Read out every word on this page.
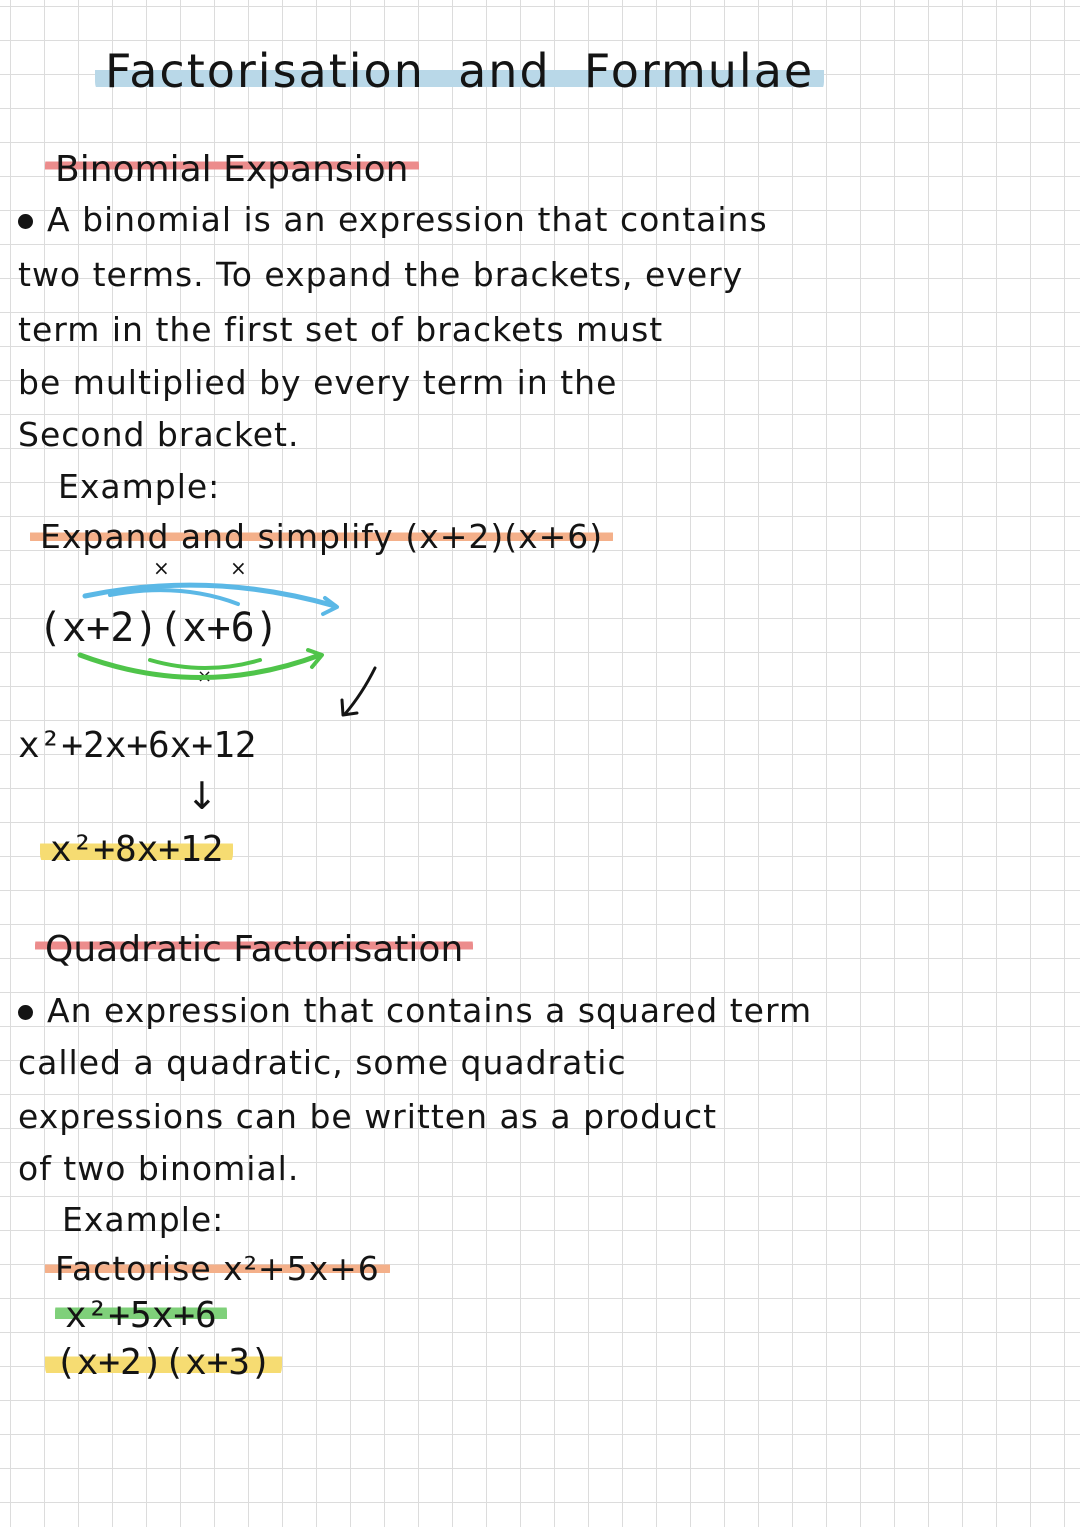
Factorisation and Formulae
Binomial Expansion
A binomial is an expression that contains
two terms. To expand the brackets, every
term in the first set of brackets must
be multiplied by every term in the
Second bracket.
Example:
Expand and simplify (x+2)(x+6)
×	×
×
(x+2)(x+6)
x²+2x+6x+12
↓
x²+8x+12
Quadratic Factorisation
An expression that contains a squared term
called a quadratic, some quadratic
expressions can be written as a product
of two binomial.
Example:
Factorise x²+5x+6
x²+5x+6
(x+2)(x+3)
